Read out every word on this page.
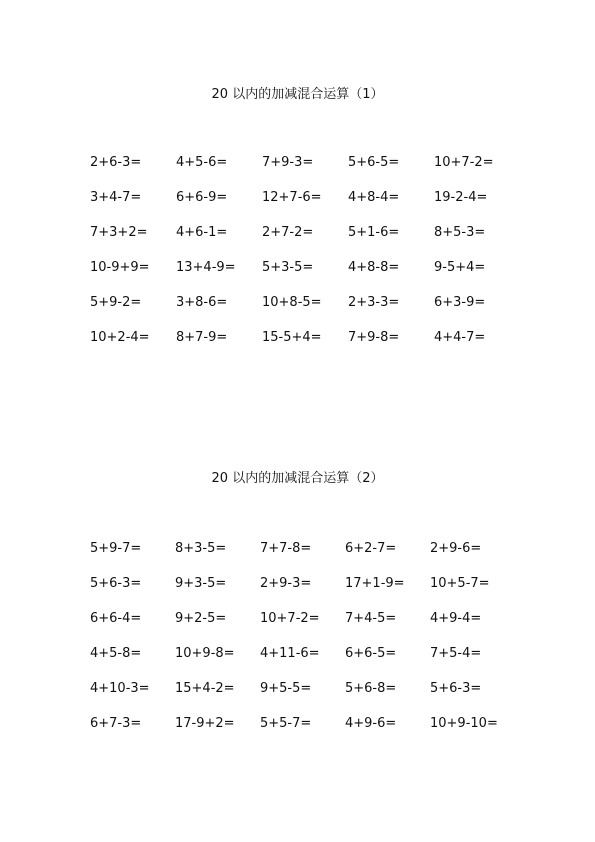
20 以内的加减混合运算（1）
2+6-3=	4+5-6=	7+9-3=	5+6-5=	10+7-2=
3+4-7=	6+6-9=	12+7-6=	4+8-4=	19-2-4=
7+3+2=	4+6-1=	2+7-2=	5+1-6=	8+5-3=
10-9+9=	13+4-9=	5+3-5=	4+8-8=	9-5+4=
5+9-2=	3+8-6=	10+8-5=	2+3-3=	6+3-9=
10+2-4=	8+7-9=	15-5+4=	7+9-8=	4+4-7=
20 以内的加减混合运算（2）
5+9-7=	8+3-5=	7+7-8=	6+2-7=	2+9-6=
5+6-3=	9+3-5=	2+9-3=	17+1-9=	10+5-7=
6+6-4=	9+2-5=	10+7-2=	7+4-5=	4+9-4=
4+5-8=	10+9-8=	4+11-6=	6+6-5=	7+5-4=
4+10-3=	15+4-2=	9+5-5=	5+6-8=	5+6-3=
6+7-3=	17-9+2=	5+5-7=	4+9-6=	10+9-10=
